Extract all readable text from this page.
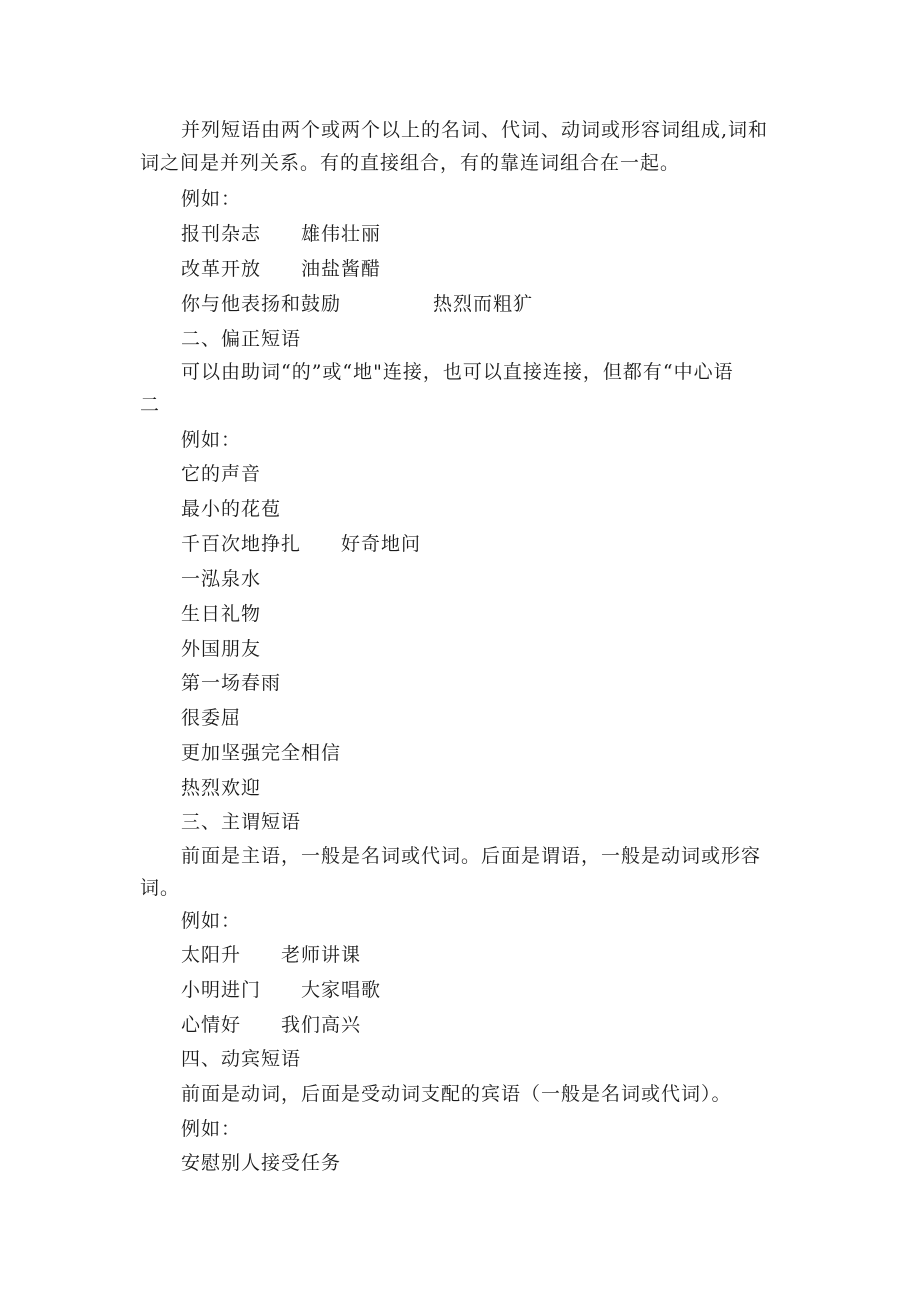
并列短语由两个或两个以上的名词、代词、动词或形容词组成,词和
词之间是并列关系。有的直接组合，有的靠连词组合在一起。
例如：
报刊杂志 雄伟壮丽
改革开放 油盐酱醋
你与他表扬和鼓励	热烈而粗犷
二、偏正短语
可以由助词“的”或“地"连接，也可以直接连接，但都有“中心语
二
例如：
它的声音
最小的花苞
千百次地挣扎 好奇地问
一泓泉水
生日礼物
外国朋友
第一场春雨
很委屈
更加坚强完全相信
热烈欢迎
三、主谓短语
前面是主语，一般是名词或代词。后面是谓语，一般是动词或形容
词。
例如：
太阳升 老师讲课
小明进门 大家唱歌
心情好 我们高兴
四、动宾短语
前面是动词，后面是受动词支配的宾语（一般是名词或代词）。
例如：
安慰别人接受任务
